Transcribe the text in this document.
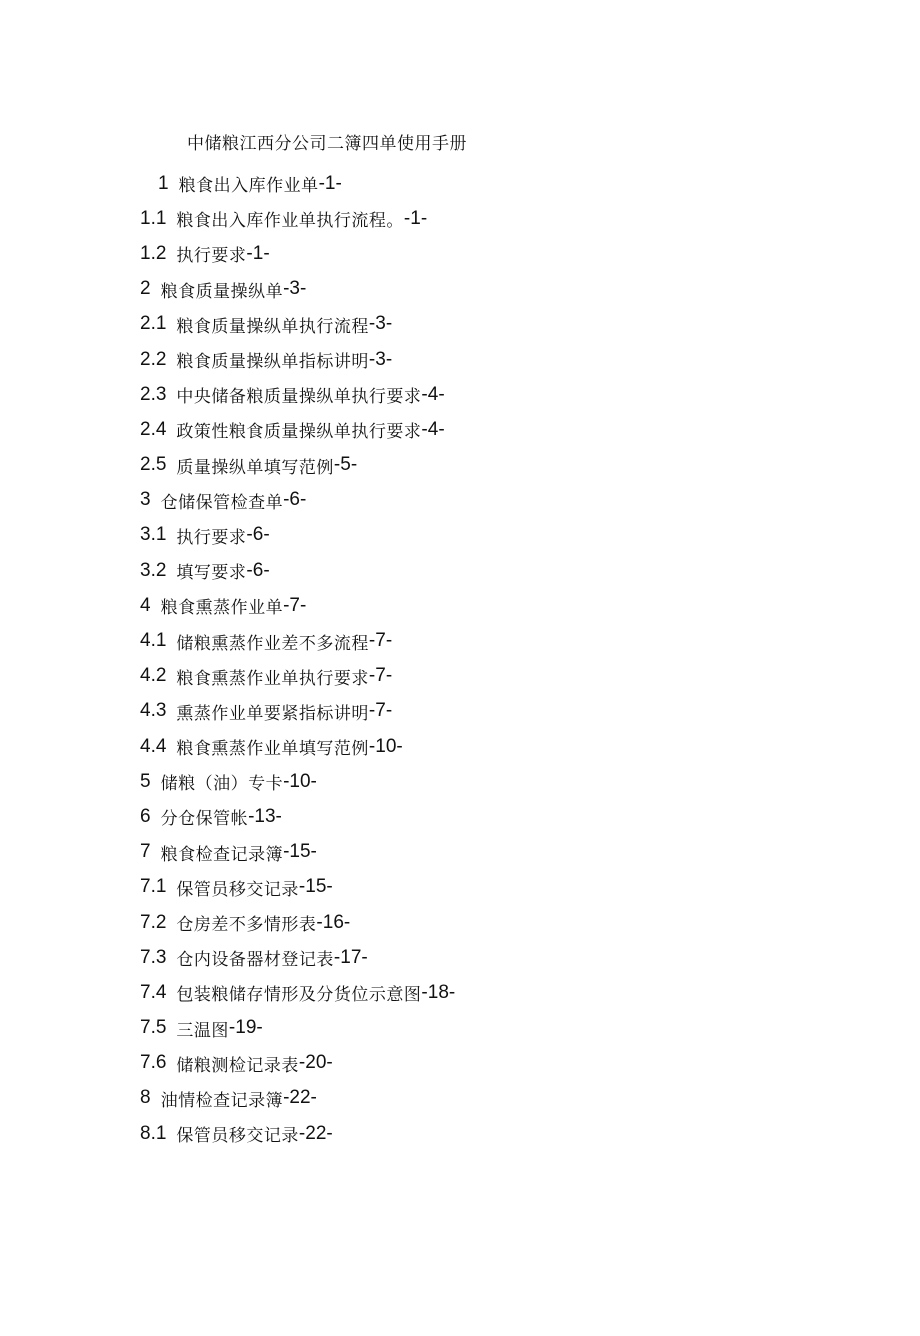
中储粮江西分公司二簿四单使用手册
1 粮食出入库作业单 -1-
1.1 粮食出入库作业单执行流程。 -1-
1.2 执行要求 -1-
2 粮食质量操纵单 -3-
2.1 粮食质量操纵单执行流程 -3-
2.2 粮食质量操纵单指标讲明 -3-
2.3 中央储备粮质量操纵单执行要求 -4-
2.4 政策性粮食质量操纵单执行要求 -4-
2.5 质量操纵单填写范例 -5-
3 仓储保管检查单 -6-
3.1 执行要求 -6-
3.2 填写要求 -6-
4 粮食熏蒸作业单 -7-
4.1 储粮熏蒸作业差不多流程 -7-
4.2 粮食熏蒸作业单执行要求 -7-
4.3 熏蒸作业单要紧指标讲明 -7-
4.4 粮食熏蒸作业单填写范例 -10-
5 储粮（油）专卡 -10-
6 分仓保管帐 -13-
7 粮食检查记录簿 -15-
7.1 保管员移交记录 -15-
7.2 仓房差不多情形表 -16-
7.3 仓内设备器材登记表 -17-
7.4 包装粮储存情形及分货位示意图 -18-
7.5 三温图 -19-
7.6 储粮测检记录表 -20-
8 油情检查记录簿 -22-
8.1 保管员移交记录 -22-
